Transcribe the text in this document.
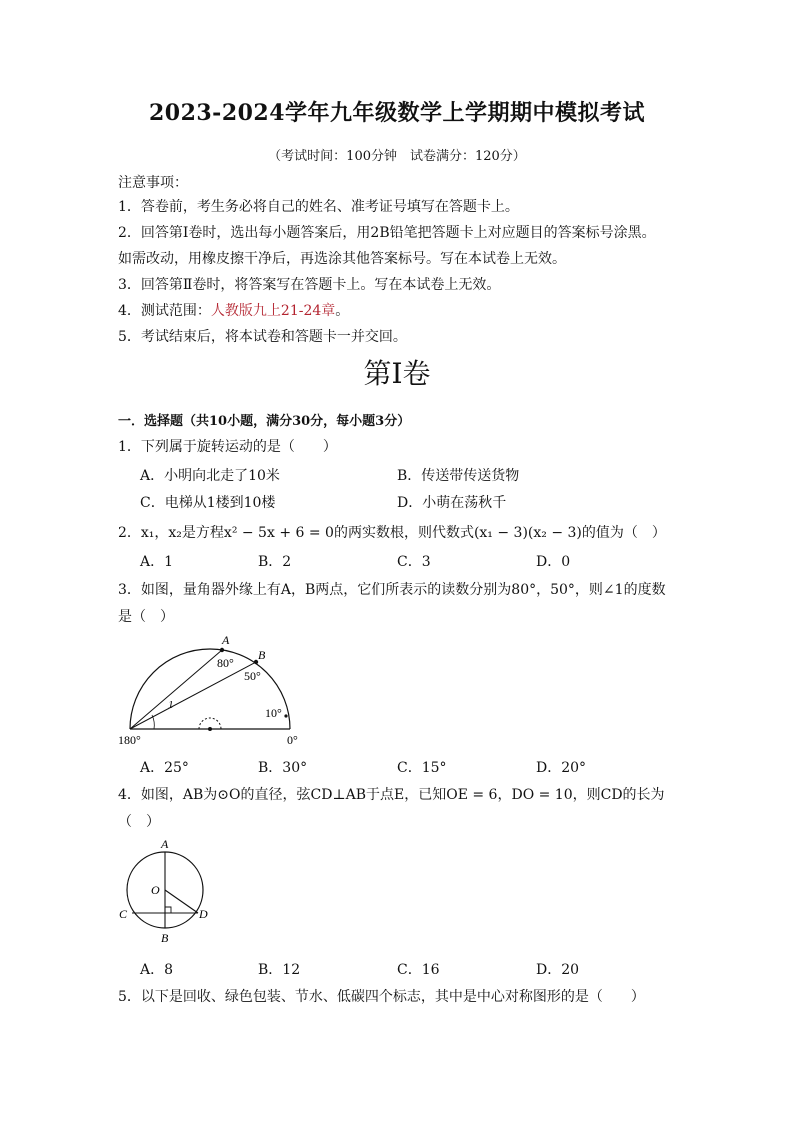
2023-2024学年九年级数学上学期期中模拟考试
（考试时间：100分钟　试卷满分：120分）
注意事项：
1．答卷前，考生务必将自己的姓名、准考证号填写在答题卡上。
2．回答第Ⅰ卷时，选出每小题答案后，用2B铅笔把答题卡上对应题目的答案标号涂黑。
如需改动，用橡皮擦干净后，再选涂其他答案标号。写在本试卷上无效。
3．回答第Ⅱ卷时，将答案写在答题卡上。写在本试卷上无效。
4．测试范围：人教版九上21-24章。
5．考试结束后，将本试卷和答题卡一并交回。
第Ⅰ卷
一．选择题（共10小题，满分30分，每小题3分）
1．下列属于旋转运动的是（　　）
A．小明向北走了10米	B．传送带传送货物
C．电梯从1楼到10楼	D．小萌在荡秋千
2．x₁，x₂是方程x² − 5x + 6 = 0的两实数根，则代数式(x₁ − 3)(x₂ − 3)的值为（　）
A．1	B．2	C．3	D．0
3．如图，量角器外缘上有A，B两点，它们所表示的读数分别为80°，50°，则∠1的度数
是（　）
A
B
80°
50°
1
10°
180°	0°
A．25°	B．30°	C．15°	D．20°
4．如图，AB为⊙O的直径，弦CD⊥AB于点E，已知OE = 6，DO = 10，则CD的长为
（　）
A
O
C	D
B
A．8	B．12	C．16	D．20
5．以下是回收、绿色包装、节水、低碳四个标志，其中是中心对称图形的是（　　）
